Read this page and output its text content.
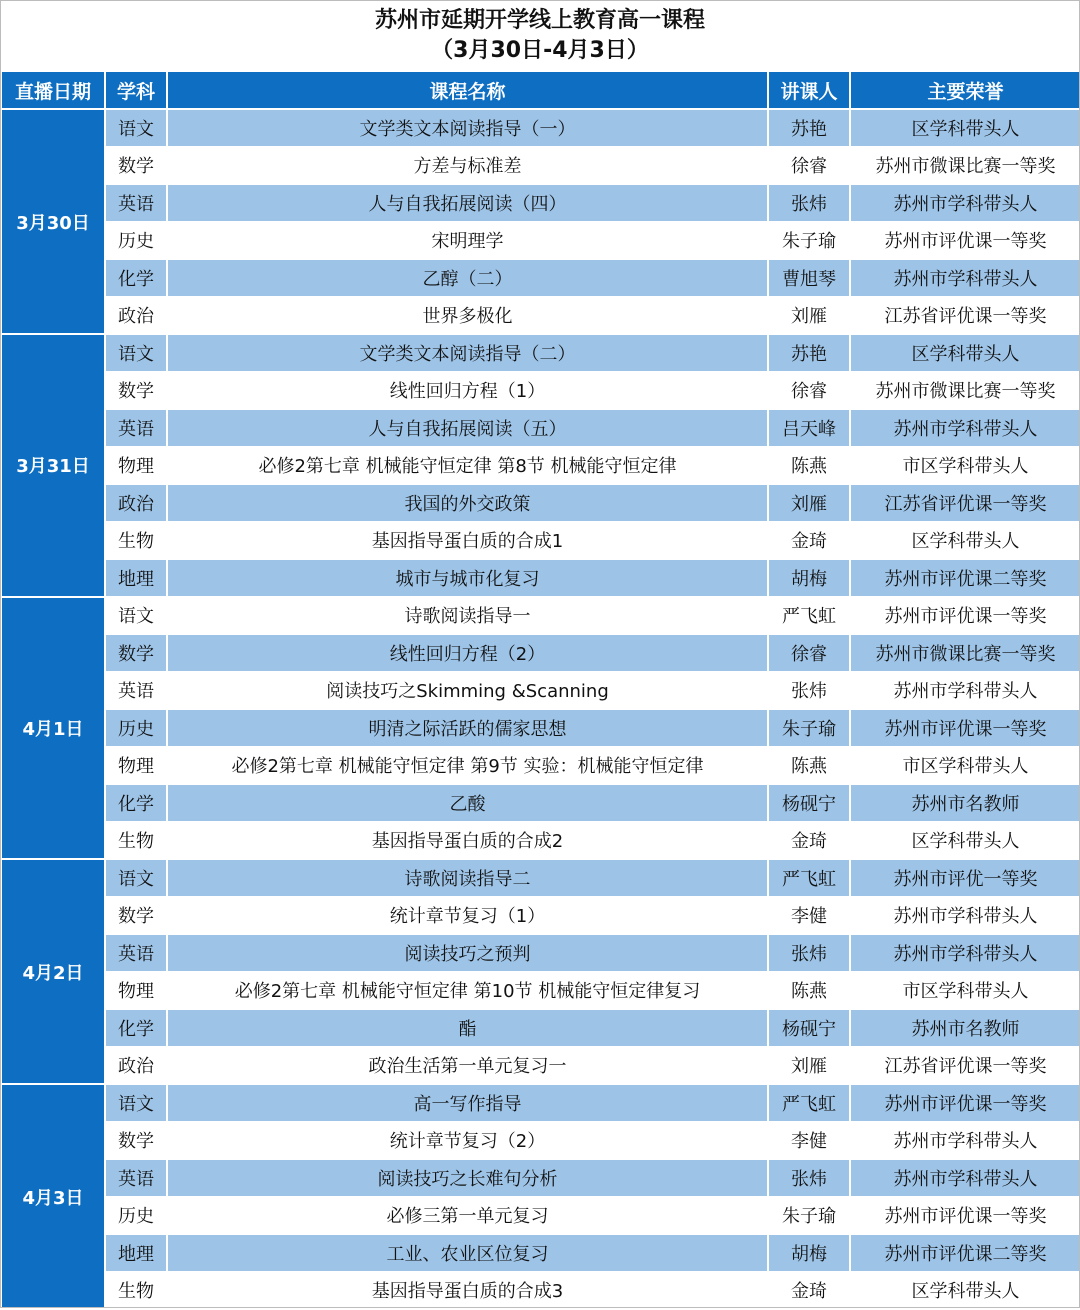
苏州市延期开学线上教育高一课程
（3月30日-4月3日）
直播日期	学科	课程名称	讲课人	主要荣誉
3月30日	语文	文学类文本阅读指导（一）	苏艳	区学科带头人
	数学	方差与标准差	徐睿	苏州市微课比赛一等奖
	英语	人与自我拓展阅读（四）	张炜	苏州市学科带头人
	历史	宋明理学	朱子瑜	苏州市评优课一等奖
	化学	乙醇（二）	曹旭琴	苏州市学科带头人
	政治	世界多极化	刘雁	江苏省评优课一等奖
3月31日	语文	文学类文本阅读指导（二）	苏艳	区学科带头人
	数学	线性回归方程（1）	徐睿	苏州市微课比赛一等奖
	英语	人与自我拓展阅读（五）	吕天峰	苏州市学科带头人
	物理	必修2第七章 机械能守恒定律 第8节 机械能守恒定律	陈燕	市区学科带头人
	政治	我国的外交政策	刘雁	江苏省评优课一等奖
	生物	基因指导蛋白质的合成1	金琦	区学科带头人
	地理	城市与城市化复习	胡梅	苏州市评优课二等奖
4月1日	语文	诗歌阅读指导一	严飞虹	苏州市评优课一等奖
	数学	线性回归方程（2）	徐睿	苏州市微课比赛一等奖
	英语	阅读技巧之Skimming &Scanning	张炜	苏州市学科带头人
	历史	明清之际活跃的儒家思想	朱子瑜	苏州市评优课一等奖
	物理	必修2第七章 机械能守恒定律 第9节 实验：机械能守恒定律	陈燕	市区学科带头人
	化学	乙酸	杨砚宁	苏州市名教师
	生物	基因指导蛋白质的合成2	金琦	区学科带头人
4月2日	语文	诗歌阅读指导二	严飞虹	苏州市评优一等奖
	数学	统计章节复习（1）	李健	苏州市学科带头人
	英语	阅读技巧之预判	张炜	苏州市学科带头人
	物理	必修2第七章 机械能守恒定律 第10节 机械能守恒定律复习	陈燕	市区学科带头人
	化学	酯	杨砚宁	苏州市名教师
	政治	政治生活第一单元复习一	刘雁	江苏省评优课一等奖
4月3日	语文	高一写作指导	严飞虹	苏州市评优课一等奖
	数学	统计章节复习（2）	李健	苏州市学科带头人
	英语	阅读技巧之长难句分析	张炜	苏州市学科带头人
	历史	必修三第一单元复习	朱子瑜	苏州市评优课一等奖
	地理	工业、农业区位复习	胡梅	苏州市评优课二等奖
	生物	基因指导蛋白质的合成3	金琦	区学科带头人
